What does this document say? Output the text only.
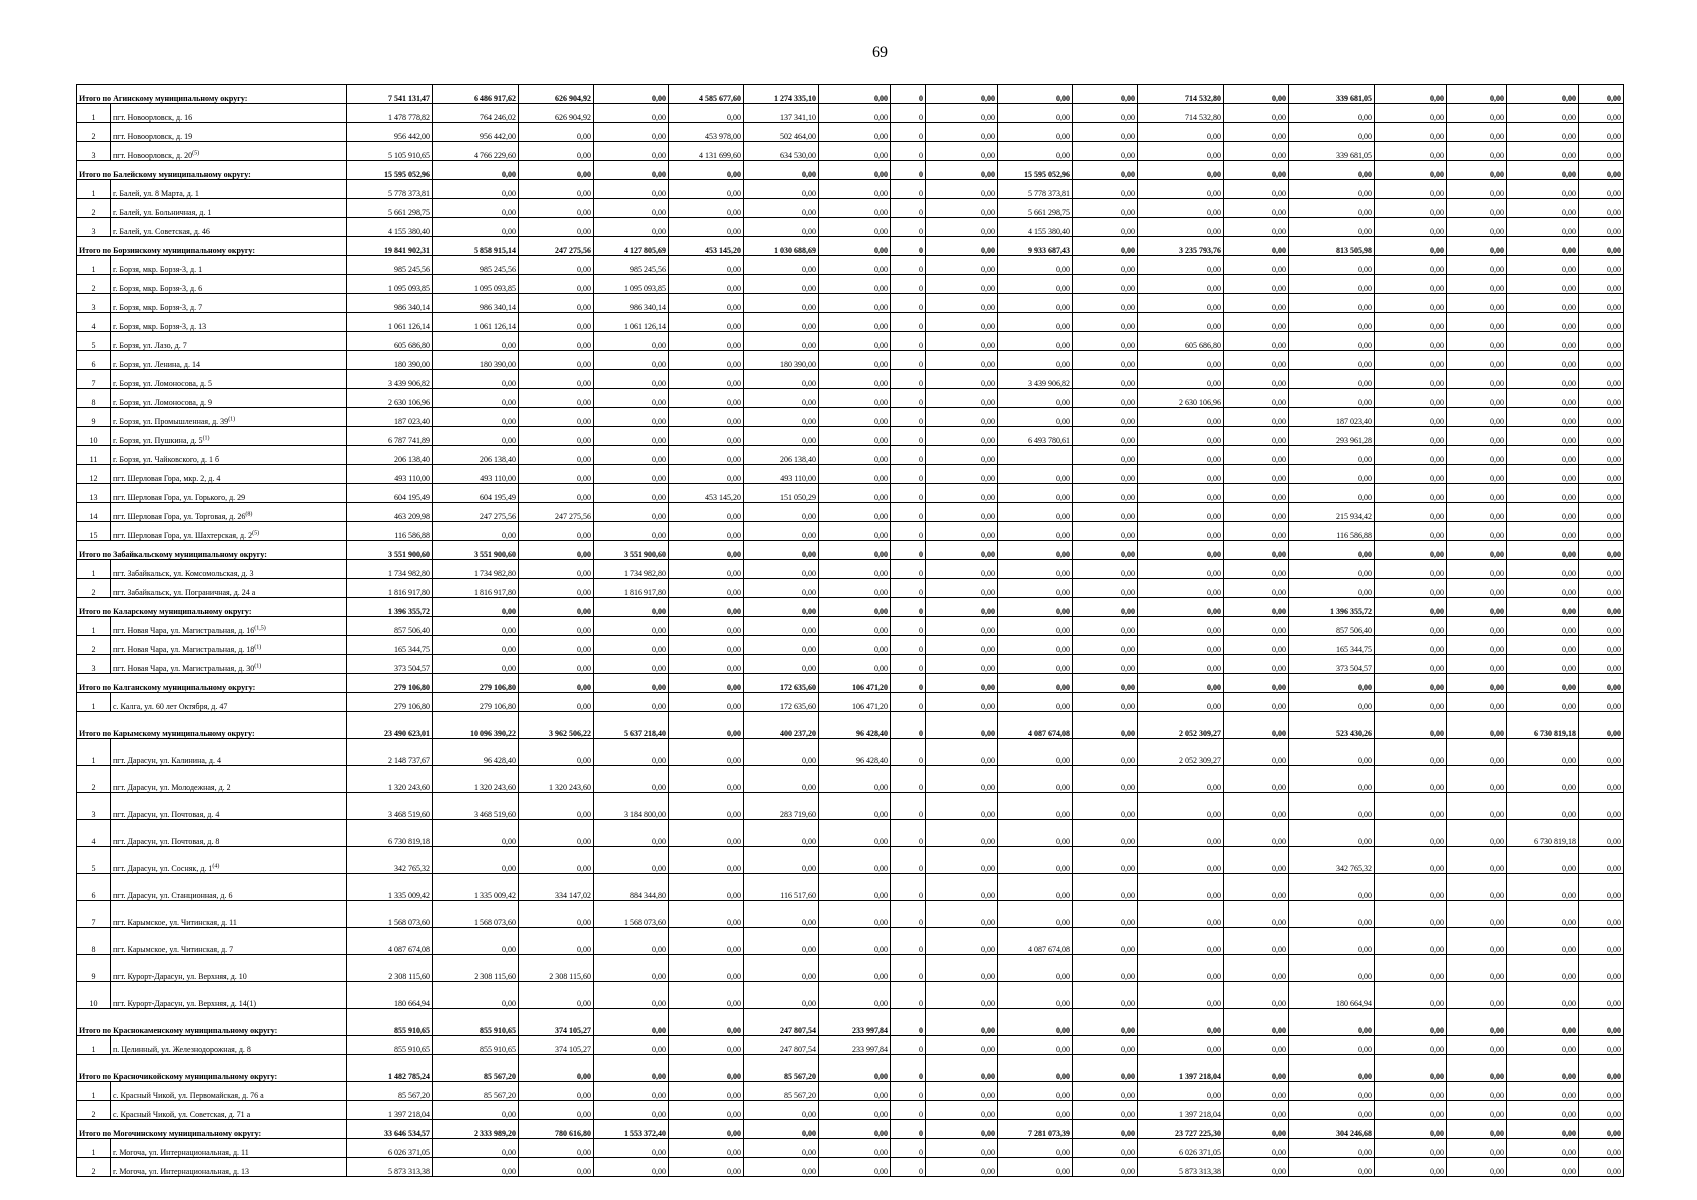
69
Итого по Агинскому муниципальному округу:		7 541 131,47	6 486 917,62	626 904,92	0,00	4 585 677,60	1 274 335,10	0,00	0	0,00	0,00	0,00	714 532,80	0,00	339 681,05	0,00	0,00	0,00	0,00
1	пгт. Новоорловск, д. 16	1 478 778,82	764 246,02	626 904,92	0,00	0,00	137 341,10	0,00	0	0,00	0,00	0,00	714 532,80	0,00	0,00	0,00	0,00	0,00	0,00
2	пгт. Новоорловск, д. 19	956 442,00	956 442,00	0,00	0,00	453 978,00	502 464,00	0,00	0	0,00	0,00	0,00	0,00	0,00	0,00	0,00	0,00	0,00	0,00
3	пгт. Новоорловск, д. 20$^{(5)}$	5 105 910,65	4 766 229,60	0,00	0,00	4 131 699,60	634 530,00	0,00	0	0,00	0,00	0,00	0,00	0,00	339 681,05	0,00	0,00	0,00	0,00
Итого по Балейскому муниципальному округу:		15 595 052,96	0,00	0,00	0,00	0,00	0,00	0,00	0	0,00	15 595 052,96	0,00	0,00	0,00	0,00	0,00	0,00	0,00	0,00
1	г. Балей, ул. 8 Марта, д. 1	5 778 373,81	0,00	0,00	0,00	0,00	0,00	0,00	0	0,00	5 778 373,81	0,00	0,00	0,00	0,00	0,00	0,00	0,00	0,00
2	г. Балей, ул. Больничная, д. 1	5 661 298,75	0,00	0,00	0,00	0,00	0,00	0,00	0	0,00	5 661 298,75	0,00	0,00	0,00	0,00	0,00	0,00	0,00	0,00
3	г. Балей, ул. Советская, д. 46	4 155 380,40	0,00	0,00	0,00	0,00	0,00	0,00	0	0,00	4 155 380,40	0,00	0,00	0,00	0,00	0,00	0,00	0,00	0,00
Итого по Борзинскому муниципальному округу:		19 841 902,31	5 858 915,14	247 275,56	4 127 805,69	453 145,20	1 030 688,69	0,00	0	0,00	9 933 687,43	0,00	3 235 793,76	0,00	813 505,98	0,00	0,00	0,00	0,00
1	г. Борзя, мкр. Борзя-3, д. 1	985 245,56	985 245,56	0,00	985 245,56	0,00	0,00	0,00	0	0,00	0,00	0,00	0,00	0,00	0,00	0,00	0,00	0,00	0,00
2	г. Борзя, мкр. Борзя-3, д. 6	1 095 093,85	1 095 093,85	0,00	1 095 093,85	0,00	0,00	0,00	0	0,00	0,00	0,00	0,00	0,00	0,00	0,00	0,00	0,00	0,00
3	г. Борзя, мкр. Борзя-3, д. 7	986 340,14	986 340,14	0,00	986 340,14	0,00	0,00	0,00	0	0,00	0,00	0,00	0,00	0,00	0,00	0,00	0,00	0,00	0,00
4	г. Борзя, мкр. Борзя-3, д. 13	1 061 126,14	1 061 126,14	0,00	1 061 126,14	0,00	0,00	0,00	0	0,00	0,00	0,00	0,00	0,00	0,00	0,00	0,00	0,00	0,00
5	г. Борзя, ул. Лазо, д. 7	605 686,80	0,00	0,00	0,00	0,00	0,00	0,00	0	0,00	0,00	0,00	605 686,80	0,00	0,00	0,00	0,00	0,00	0,00
6	г. Борзя, ул. Ленина, д. 14	180 390,00	180 390,00	0,00	0,00	0,00	180 390,00	0,00	0	0,00	0,00	0,00	0,00	0,00	0,00	0,00	0,00	0,00	0,00
7	г. Борзя, ул. Ломоносова, д. 5	3 439 906,82	0,00	0,00	0,00	0,00	0,00	0,00	0	0,00	3 439 906,82	0,00	0,00	0,00	0,00	0,00	0,00	0,00	0,00
8	г. Борзя, ул. Ломоносова, д. 9	2 630 106,96	0,00	0,00	0,00	0,00	0,00	0,00	0	0,00	0,00	0,00	2 630 106,96	0,00	0,00	0,00	0,00	0,00	0,00
9	г. Борзя, ул. Промышленная, д. 39$^{(1)}$	187 023,40	0,00	0,00	0,00	0,00	0,00	0,00	0	0,00	0,00	0,00	0,00	0,00	187 023,40	0,00	0,00	0,00	0,00
10	г. Борзя, ул. Пушкина, д. 5$^{(1)}$	6 787 741,89	0,00	0,00	0,00	0,00	0,00	0,00	0	0,00	6 493 780,61	0,00	0,00	0,00	293 961,28	0,00	0,00	0,00	0,00
11	г. Борзя, ул. Чайковского, д. 1 б	206 138,40	206 138,40	0,00	0,00	0,00	206 138,40	0,00	0	0,00		0,00	0,00	0,00	0,00	0,00	0,00	0,00	0,00
12	пгт. Шерловая Гора, мкр. 2, д. 4	493 110,00	493 110,00	0,00	0,00	0,00	493 110,00	0,00	0	0,00	0,00	0,00	0,00	0,00	0,00	0,00	0,00	0,00	0,00
13	пгт. Шерловая Гора, ул. Горького, д. 29	604 195,49	604 195,49	0,00	0,00	453 145,20	151 050,29	0,00	0	0,00	0,00	0,00	0,00	0,00	0,00	0,00	0,00	0,00	0,00
14	пгт. Шерловая Гора, ул. Торговая, д. 26$^{(8)}$	463 209,98	247 275,56	247 275,56	0,00	0,00	0,00	0,00	0	0,00	0,00	0,00	0,00	0,00	215 934,42	0,00	0,00	0,00	0,00
15	пгт. Шерловая Гора, ул. Шахтерская, д. 2$^{(5)}$	116 586,88	0,00	0,00	0,00	0,00	0,00	0,00	0	0,00	0,00	0,00	0,00	0,00	116 586,88	0,00	0,00	0,00	0,00
Итого по Забайкальскому муниципальному округу:		3 551 900,60	3 551 900,60	0,00	3 551 900,60	0,00	0,00	0,00	0	0,00	0,00	0,00	0,00	0,00	0,00	0,00	0,00	0,00	0,00
1	пгт. Забайкальск, ул. Комсомольская, д. 3	1 734 982,80	1 734 982,80	0,00	1 734 982,80	0,00	0,00	0,00	0	0,00	0,00	0,00	0,00	0,00	0,00	0,00	0,00	0,00	0,00
2	пгт. Забайкальск, ул. Пограничная, д. 24 а	1 816 917,80	1 816 917,80	0,00	1 816 917,80	0,00	0,00	0,00	0	0,00	0,00	0,00	0,00	0,00	0,00	0,00	0,00	0,00	0,00
Итого по Каларскому муниципальному округу:		1 396 355,72	0,00	0,00	0,00	0,00	0,00	0,00	0	0,00	0,00	0,00	0,00	0,00	1 396 355,72	0,00	0,00	0,00	0,00
1	пгт. Новая Чара, ул. Магистральная, д. 16$^{(1,5)}$	857 506,40	0,00	0,00	0,00	0,00	0,00	0,00	0	0,00	0,00	0,00	0,00	0,00	857 506,40	0,00	0,00	0,00	0,00
2	пгт. Новая Чара, ул. Магистральная, д. 18$^{(1)}$	165 344,75	0,00	0,00	0,00	0,00	0,00	0,00	0	0,00	0,00	0,00	0,00	0,00	165 344,75	0,00	0,00	0,00	0,00
3	пгт. Новая Чара, ул. Магистральная, д. 30$^{(1)}$	373 504,57	0,00	0,00	0,00	0,00	0,00	0,00	0	0,00	0,00	0,00	0,00	0,00	373 504,57	0,00	0,00	0,00	0,00
Итого по Калганскому муниципальному округу:		279 106,80	279 106,80	0,00	0,00	0,00	172 635,60	106 471,20	0	0,00	0,00	0,00	0,00	0,00	0,00	0,00	0,00	0,00	0,00
1	с. Калга, ул. 60 лет Октября, д. 47	279 106,80	279 106,80	0,00	0,00	0,00	172 635,60	106 471,20	0	0,00	0,00	0,00	0,00	0,00	0,00	0,00	0,00	0,00	0,00
Итого по Карымскому муниципальному округу:		23 490 623,01	10 096 390,22	3 962 506,22	5 637 218,40	0,00	400 237,20	96 428,40	0	0,00	4 087 674,08	0,00	2 052 309,27	0,00	523 430,26	0,00	0,00	6 730 819,18	0,00
1	пгт. Дарасун, ул. Калинина, д. 4	2 148 737,67	96 428,40	0,00	0,00	0,00	0,00	96 428,40	0	0,00	0,00	0,00	2 052 309,27	0,00	0,00	0,00	0,00	0,00	0,00
2	пгт. Дарасун, ул. Молодежная, д. 2	1 320 243,60	1 320 243,60	1 320 243,60	0,00	0,00	0,00	0,00	0	0,00	0,00	0,00	0,00	0,00	0,00	0,00	0,00	0,00	0,00
3	пгт. Дарасун, ул. Почтовая, д. 4	3 468 519,60	3 468 519,60	0,00	3 184 800,00	0,00	283 719,60	0,00	0	0,00	0,00	0,00	0,00	0,00	0,00	0,00	0,00	0,00	0,00
4	пгт. Дарасун, ул. Почтовая, д. 8	6 730 819,18	0,00	0,00	0,00	0,00	0,00	0,00	0	0,00	0,00	0,00	0,00	0,00	0,00	0,00	0,00	6 730 819,18	0,00
5	пгт. Дарасун, ул. Сосняк, д. 1$^{(4)}$	342 765,32	0,00	0,00	0,00	0,00	0,00	0,00	0	0,00	0,00	0,00	0,00	0,00	342 765,32	0,00	0,00	0,00	0,00
6	пгт. Дарасун, ул. Станционная, д. 6	1 335 009,42	1 335 009,42	334 147,02	884 344,80	0,00	116 517,60	0,00	0	0,00	0,00	0,00	0,00	0,00	0,00	0,00	0,00	0,00	0,00
7	пгт. Карымское, ул. Читинская, д. 11	1 568 073,60	1 568 073,60	0,00	1 568 073,60	0,00	0,00	0,00	0	0,00	0,00	0,00	0,00	0,00	0,00	0,00	0,00	0,00	0,00
8	пгт. Карымское, ул. Читинская, д. 7	4 087 674,08	0,00	0,00	0,00	0,00	0,00	0,00	0	0,00	4 087 674,08	0,00	0,00	0,00	0,00	0,00	0,00	0,00	0,00
9	пгт. Курорт-Дарасун, ул. Верхняя, д. 10	2 308 115,60	2 308 115,60	2 308 115,60	0,00	0,00	0,00	0,00	0	0,00	0,00	0,00	0,00	0,00	0,00	0,00	0,00	0,00	0,00
10	пгт. Курорт-Дарасун, ул. Верхняя, д. 14(1)	180 664,94	0,00	0,00	0,00	0,00	0,00	0,00	0	0,00	0,00	0,00	0,00	0,00	180 664,94	0,00	0,00	0,00	0,00
Итого по Краснокаменскому муниципальному округу:		855 910,65	855 910,65	374 105,27	0,00	0,00	247 807,54	233 997,84	0	0,00	0,00	0,00	0,00	0,00	0,00	0,00	0,00	0,00	0,00
1	п. Целинный, ул. Железнодорожная, д. 8	855 910,65	855 910,65	374 105,27	0,00	0,00	247 807,54	233 997,84	0	0,00	0,00	0,00	0,00	0,00	0,00	0,00	0,00	0,00	0,00
Итого по Красночикойскому муниципальному округу:		1 482 785,24	85 567,20	0,00	0,00	0,00	85 567,20	0,00	0	0,00	0,00	0,00	1 397 218,04	0,00	0,00	0,00	0,00	0,00	0,00
1	с. Красный Чикой, ул. Первомайская, д. 76 а	85 567,20	85 567,20	0,00	0,00	0,00	85 567,20	0,00	0	0,00	0,00	0,00	0,00	0,00	0,00	0,00	0,00	0,00	0,00
2	с. Красный Чикой, ул. Советская, д. 71 а	1 397 218,04	0,00	0,00	0,00	0,00	0,00	0,00	0	0,00	0,00	0,00	1 397 218,04	0,00	0,00	0,00	0,00	0,00	0,00
Итого по Могочинскому муниципальному округу:		33 646 534,57	2 333 989,20	780 616,80	1 553 372,40	0,00	0,00	0,00	0	0,00	7 281 073,39	0,00	23 727 225,30	0,00	304 246,68	0,00	0,00	0,00	0,00
1	г. Могоча, ул. Интернациональная, д. 11	6 026 371,05	0,00	0,00	0,00	0,00	0,00	0,00	0	0,00	0,00	0,00	6 026 371,05	0,00	0,00	0,00	0,00	0,00	0,00
2	г. Могоча, ул. Интернациональная, д. 13	5 873 313,38	0,00	0,00	0,00	0,00	0,00	0,00	0	0,00	0,00	0,00	5 873 313,38	0,00	0,00	0,00	0,00	0,00	0,00
